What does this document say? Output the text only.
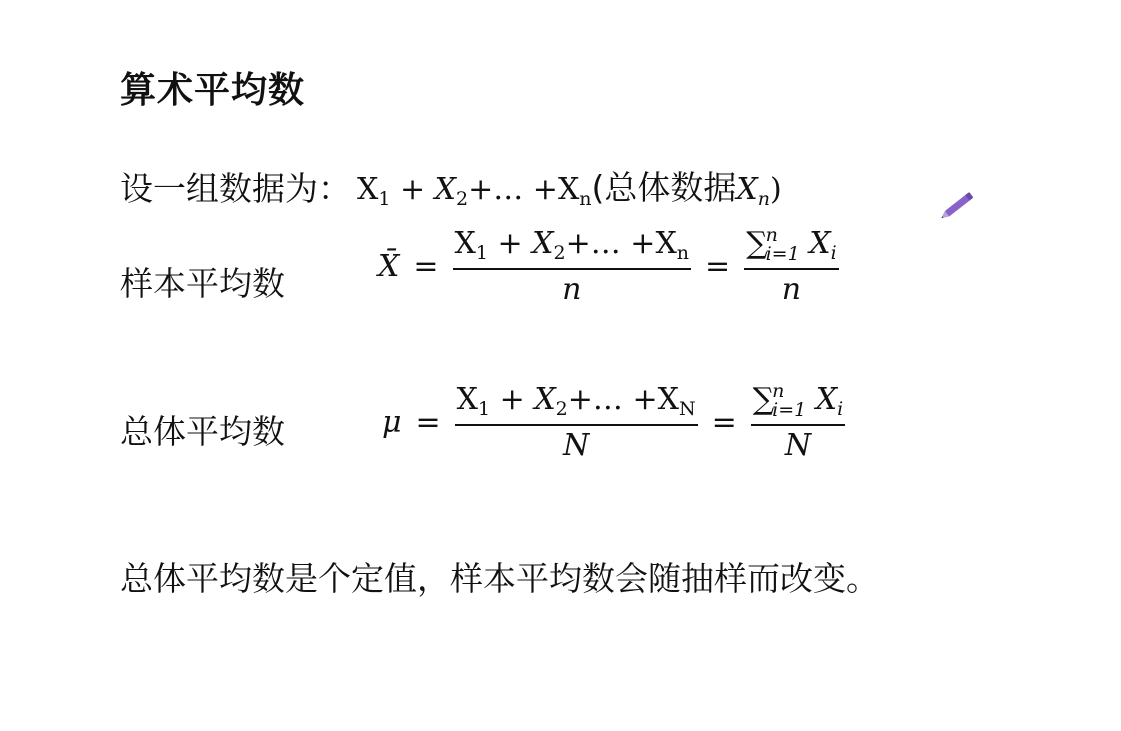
算术平均数
设一组数据为： $X_1$ + $X_2+\dots +X_n$(总体数据$X_n$)
样本平均数	X̄ = $\frac{X_1 + X_2+\dots +X_n}{n}$ = ∑
n
i=1 $X_i$
n
总体平均数	$\mu = \frac{X_1 + X_2+\dots +X_N}{N}$ = ∑
n
i=1 $X_i$
N
总体平均数是个定值，样本平均数会随抽样而改变。
